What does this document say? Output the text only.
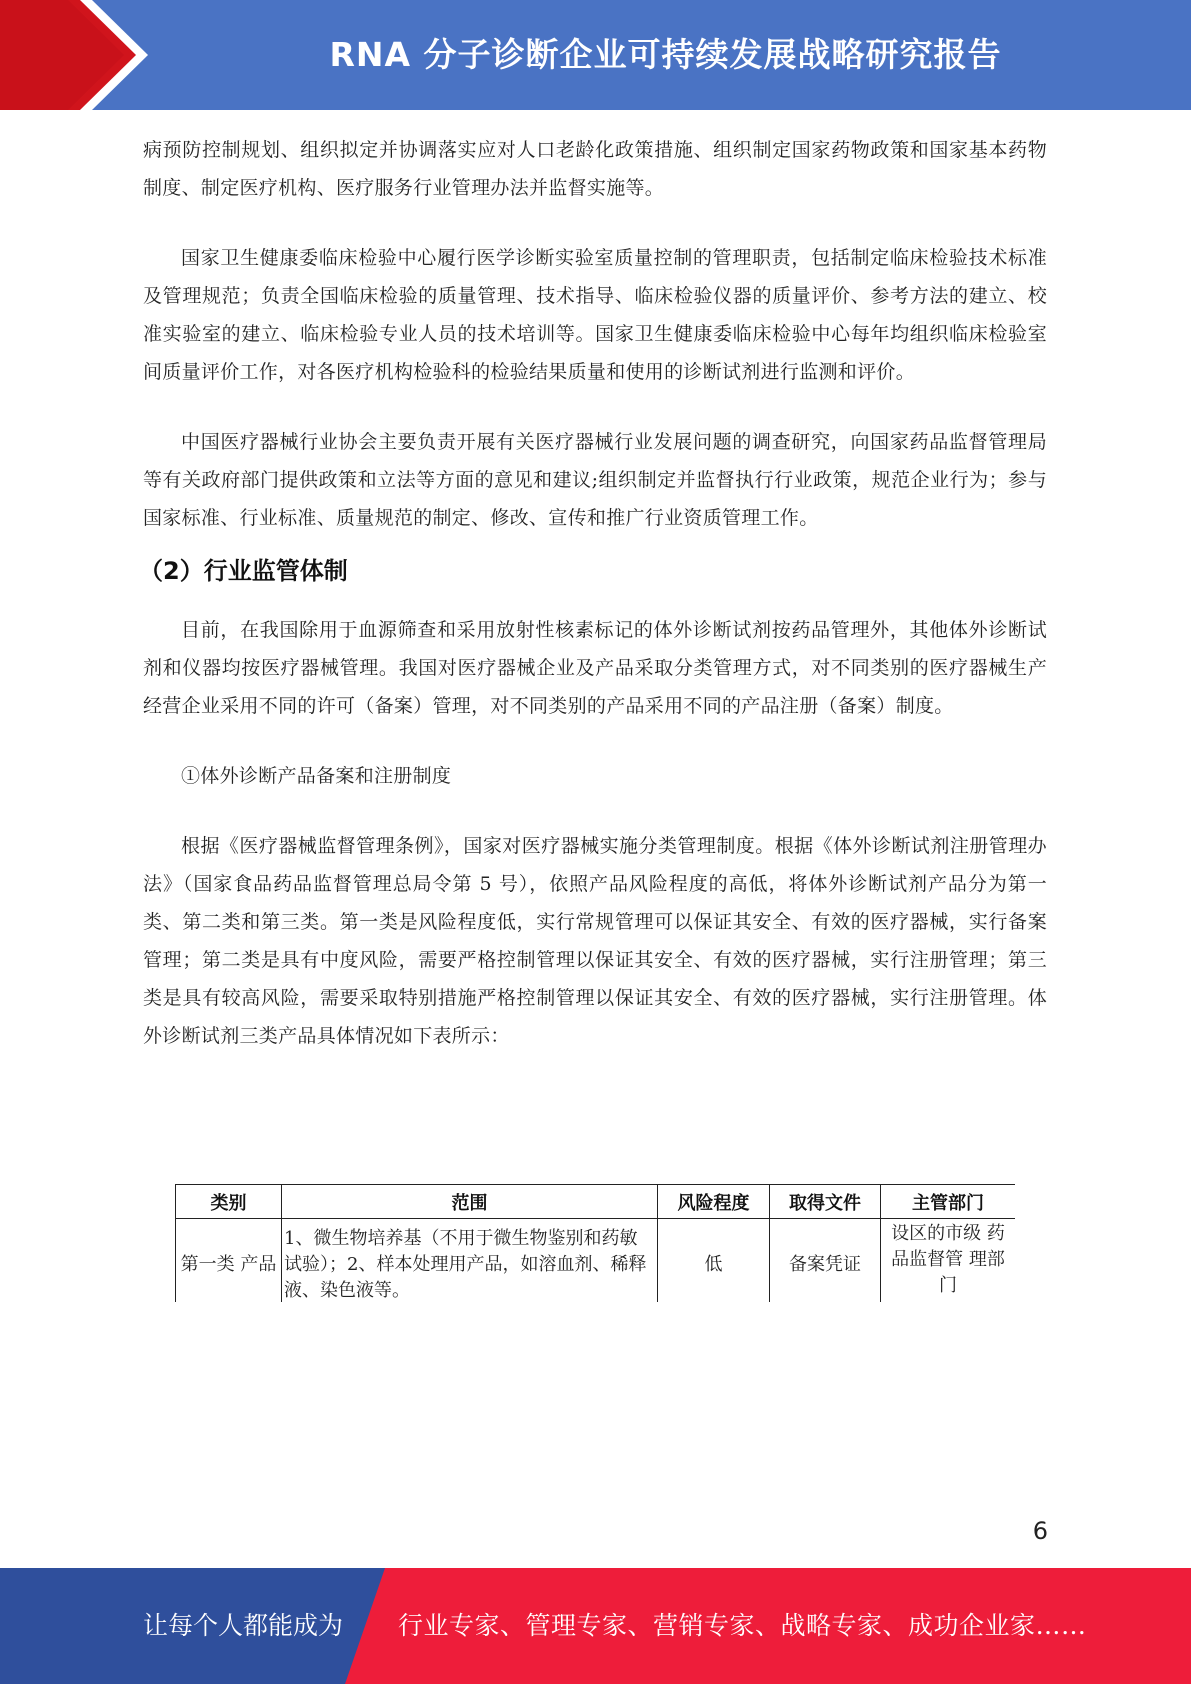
RNA 分子诊断企业可持续发展战略研究报告

病预防控制规划、组织拟定并协调落实应对人口老龄化政策措施、组织制定国家药物政策和国家基本药物制度、制定医疗机构、医疗服务行业管理办法并监督实施等。

国家卫生健康委临床检验中心履行医学诊断实验室质量控制的管理职责，包括制定临床检验技术标准及管理规范；负责全国临床检验的质量管理、技术指导、临床检验仪器的质量评价、参考方法的建立、校准实验室的建立、临床检验专业人员的技术培训等。国家卫生健康委临床检验中心每年均组织临床检验室间质量评价工作，对各医疗机构检验科的检验结果质量和使用的诊断试剂进行监测和评价。

中国医疗器械行业协会主要负责开展有关医疗器械行业发展问题的调查研究，向国家药品监督管理局等有关政府部门提供政策和立法等方面的意见和建议;组织制定并监督执行行业政策，规范企业行为；参与国家标准、行业标准、质量规范的制定、修改、宣传和推广行业资质管理工作。

（2）行业监管体制

目前，在我国除用于血源筛查和采用放射性核素标记的体外诊断试剂按药品管理外，其他体外诊断试剂和仪器均按医疗器械管理。我国对医疗器械企业及产品采取分类管理方式，对不同类别的医疗器械生产经营企业采用不同的许可（备案）管理，对不同类别的产品采用不同的产品注册（备案）制度。

①体外诊断产品备案和注册制度

根据《医疗器械监督管理条例》，国家对医疗器械实施分类管理制度。根据《体外诊断试剂注册管理办法》（国家食品药品监督管理总局令第 5 号），依照产品风险程度的高低，将体外诊断试剂产品分为第一类、第二类和第三类。第一类是风险程度低，实行常规管理可以保证其安全、有效的医疗器械，实行备案管理；第二类是具有中度风险，需要严格控制管理以保证其安全、有效的医疗器械，实行注册管理；第三类是具有较高风险，需要采取特别措施严格控制管理以保证其安全、有效的医疗器械，实行注册管理。体外诊断试剂三类产品具体情况如下表所示：

类别	范围	风险程度	取得文件	主管部门
第一类 产品	1、微生物培养基（不用于微生物鉴别和药敏试验）；2、样本处理用产品，如溶血剂、稀释液、染色液等。	低	备案凭证	设区的市级 药品监督管 理部门
6
让每个人都能成为 行业专家、管理专家、营销专家、战略专家、成功企业家……
